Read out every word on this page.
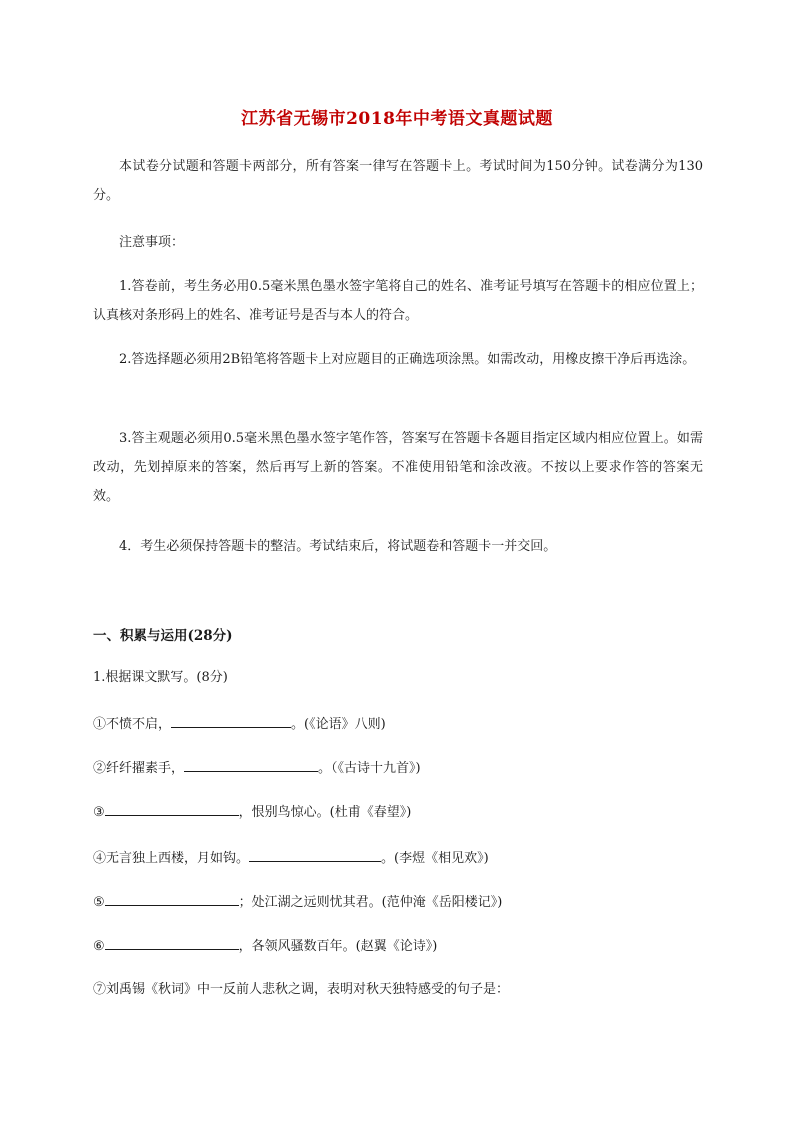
江苏省无锡市2018年中考语文真题试题
本试卷分试题和答题卡两部分，所有答案一律写在答题卡上。考试时间为150分钟。试卷满分为130分。
注意事项：
1.答卷前，考生务必用0.5毫米黑色墨水签字笔将自己的姓名、准考证号填写在答题卡的相应位置上；认真核对条形码上的姓名、准考证号是否与本人的符合。
2.答选择题必须用2B铅笔将答题卡上对应题目的正确选项涂黑。如需改动，用橡皮擦干净后再选涂。
3.答主观题必须用0.5毫米黑色墨水签字笔作答，答案写在答题卡各题目指定区域内相应位置上。如需改动，先划掉原来的答案，然后再写上新的答案。不准使用铅笔和涂改液。不按以上要求作答的答案无效。
4．考生必须保持答题卡的整洁。考试结束后，将试题卷和答题卡一并交回。
一、积累与运用(28分)
1.根据课文默写。(8分)
①不愤不启，	。(《论语》八则)
②纤纤擢素手，	。（《古诗十九首》)
③	，恨别鸟惊心。(杜甫《春望》)
④无言独上西楼，月如钩。	。(李煜《相见欢》)
⑤	；处江湖之远则忧其君。(范仲淹《岳阳楼记》)
⑥	，各领风骚数百年。(赵翼《论诗》)
⑦刘禹锡《秋词》中一反前人悲秋之调，表明对秋天独特感受的句子是：
